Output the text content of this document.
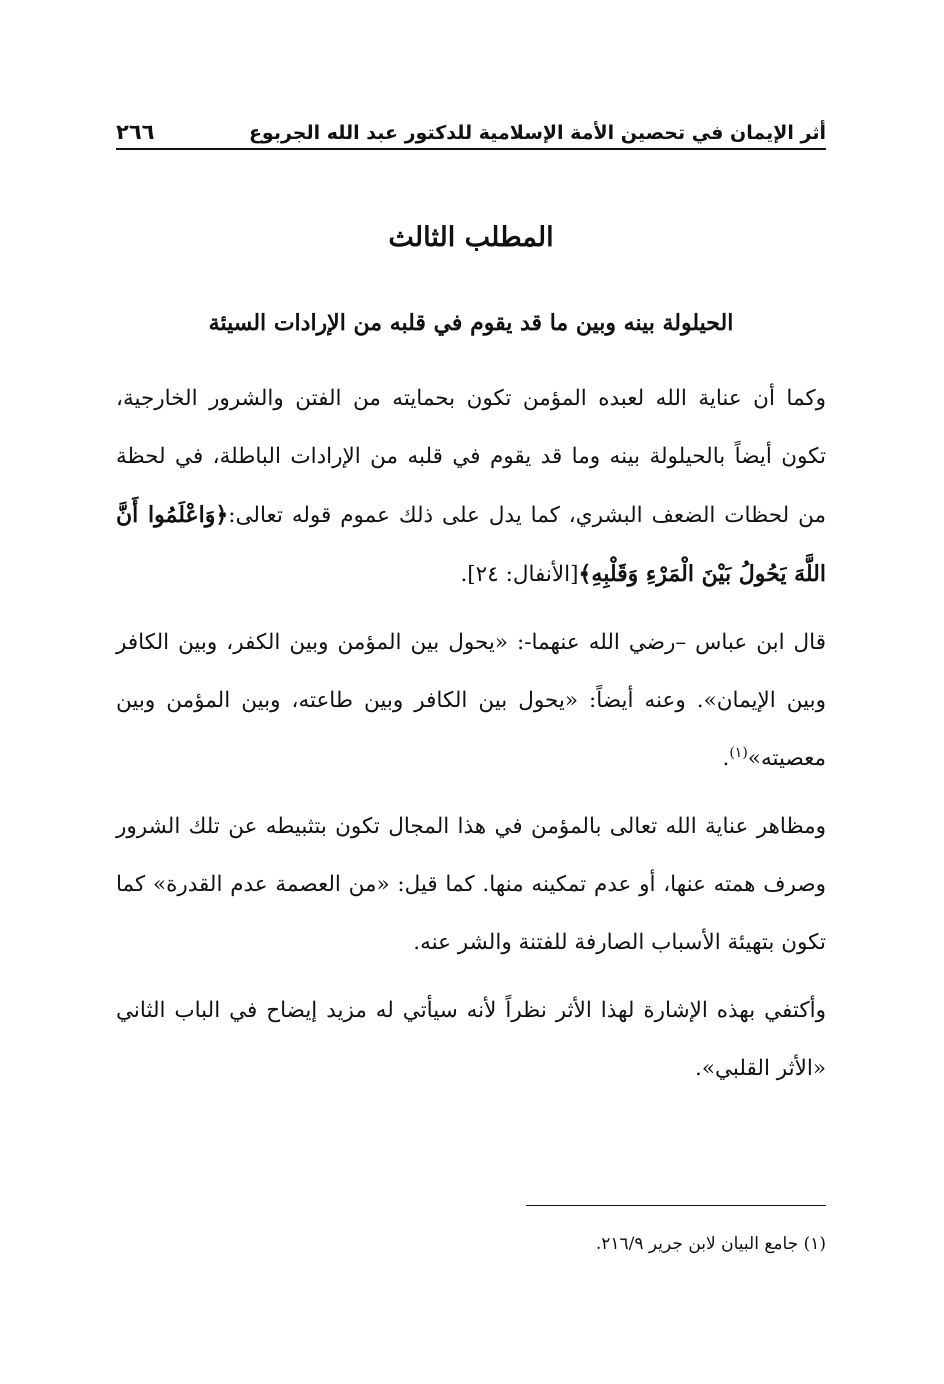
أثر الإيمان في تحصين الأمة الإسلامية للدكتور عبد الله الجربوع
٢٦٦
المطلب الثالث
الحيلولة بينه وبين ما قد يقوم في قلبه من الإرادات السيئة

وكما أن عناية الله لعبده المؤمن تكون بحمايته من الفتن والشرور الخارجية، تكون أيضاً بالحيلولة بينه وما قد يقوم في قلبه من الإرادات الباطلة، في لحظة من لحظات الضعف البشري، كما يدل على ذلك عموم قوله تعالى:﴿وَاعْلَمُوا أَنَّ اللَّهَ يَحُولُ بَيْنَ الْمَرْءِ وَقَلْبِهِ﴾[الأنفال: ٢٤].

قال ابن عباس –رضي الله عنهما-: «يحول بين المؤمن وبين الكفر، وبين الكافر وبين الإيمان». وعنه أيضاً: «يحول بين الكافر وبين طاعته، وبين المؤمن وبين معصيته»$^{(١)}$.

ومظاهر عناية الله تعالى بالمؤمن في هذا المجال تكون بتثبيطه عن تلك الشرور وصرف همته عنها، أو عدم تمكينه منها. كما قيل: «من العصمة عدم القدرة» كما تكون بتهيئة الأسباب الصارفة للفتنة والشر عنه.

وأكتفي بهذه الإشارة لهذا الأثر نظراً لأنه سيأتي له مزيد إيضاح في الباب الثاني «الأثر القلبي».

(١) جامع البيان لابن جرير ٢١٦/٩.
